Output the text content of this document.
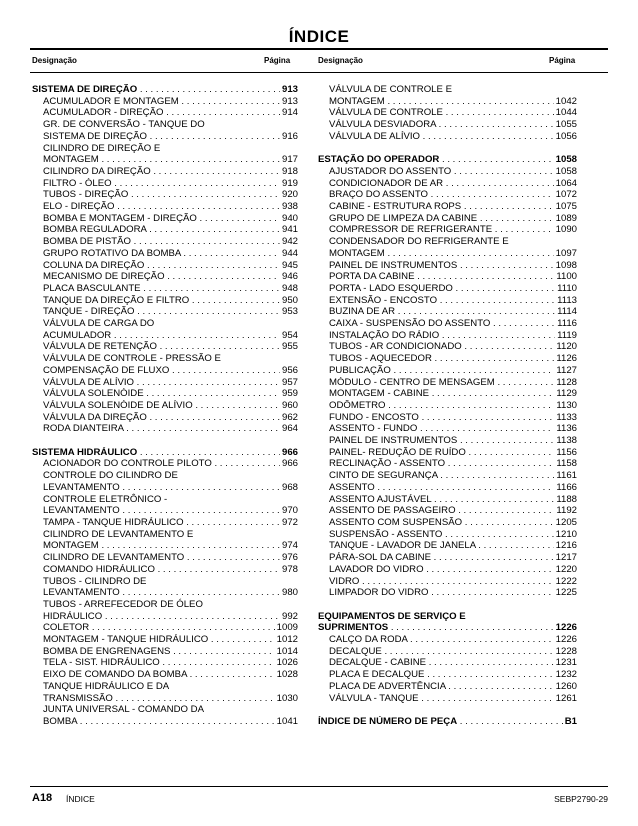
ÍNDICE
Designação	Página	Designação	Página
SISTEMA DE DIREÇÃO . . .	913
ACUMULADOR E MONTAGEM . . .	913
ACUMULADOR - DIREÇÃO . . .	914
GR. DE CONVERSÃO - TANQUE DO
SISTEMA DE DIREÇÃO . . .	916
CILINDRO DE DIREÇÃO E
MONTAGEM . . .	917
CILINDRO DA DIREÇÃO . . .	918
FILTRO - ÓLEO . . .	919
TUBOS - DIREÇÃO . . .	920
ELO - DIREÇÃO . . .	938
BOMBA E MONTAGEM - DIREÇÃO . . .	940
BOMBA REGULADORA . . .	941
BOMBA DE PISTÃO . . .	942
GRUPO ROTATIVO DA BOMBA . . .	944
COLUNA DA DIREÇÃO . . .	945
MECANISMO DE DIREÇÃO . . .	946
PLACA BASCULANTE . . .	948
TANQUE DA DIREÇÃO E FILTRO . . .	950
TANQUE - DIREÇÃO . . .	953
VÁLVULA DE CARGA DO
ACUMULADOR . . .	954
VÁLVULA DE RETENÇÃO . . .	955
VÁLVULA DE CONTROLE - PRESSÃO E
COMPENSAÇÃO DE FLUXO . . .	956
VÁLVULA DE ALÍVIO . . .	957
VÁLVULA SOLENÓIDE . . .	959
VÁLVULA SOLENÓIDE DE ALÍVIO . . .	960
VÁLVULA DA DIREÇÃO . . .	962
RODA DIANTEIRA . . .	964
SISTEMA HIDRÁULICO . . .	966
ACIONADOR DO CONTROLE PILOTO . . .	966
CONTROLE DO CILINDRO DE
LEVANTAMENTO . . .	968
CONTROLE ELETRÔNICO -
LEVANTAMENTO . . .	970
TAMPA - TANQUE HIDRÁULICO . . .	972
CILINDRO DE LEVANTAMENTO E
MONTAGEM . . .	974
CILINDRO DE LEVANTAMENTO . . .	976
COMANDO HIDRÁULICO . . .	978
TUBOS - CILINDRO DE
LEVANTAMENTO . . .	980
TUBOS - ARREFECEDOR DE ÓLEO
HIDRÁULICO . . .	992
COLETOR . . .	1009
MONTAGEM - TANQUE HIDRÁULICO . . .	1012
BOMBA DE ENGRENAGENS . . .	1014
TELA - SIST. HIDRÁULICO . . .	1026
EIXO DE COMANDO DA BOMBA . . .	1028
TANQUE HIDRÁULICO E DA
TRANSMISSÃO . . .	1030
JUNTA UNIVERSAL - COMANDO DA
BOMBA . . .	1041
VÁLVULA DE CONTROLE E
MONTAGEM . . .	1042
VÁLVULA DE CONTROLE . . .	1044
VÁLVULA DESVIADORA . . .	1055
VÁLVULA DE ALÍVIO . . .	1056
ESTAÇÃO DO OPERADOR . . .	1058
AJUSTADOR DO ASSENTO . . .	1058
CONDICIONADOR DE AR . . .	1064
BRAÇO DO ASSENTO . . .	1072
CABINE - ESTRUTURA ROPS . . .	1075
GRUPO DE LIMPEZA DA CABINE . . .	1089
COMPRESSOR DE REFRIGERANTE . . .	1090
CONDENSADOR DO REFRIGERANTE E
MONTAGEM . . .	1097
PAINEL DE INSTRUMENTOS . . .	1098
PORTA DA CABINE . . .	1100
PORTA - LADO ESQUERDO . . .	1110
EXTENSÃO - ENCOSTO . . .	1113
BUZINA DE AR . . .	1114
CAIXA - SUSPENSÃO DO ASSENTO . . .	1116
INSTALAÇÃO DO RÁDIO . . .	1119
TUBOS - AR CONDICIONADO . . .	1120
TUBOS - AQUECEDOR . . .	1126
PUBLICAÇÃO . . .	1127
MÓDULO - CENTRO DE MENSAGEM . . .	1128
MONTAGEM - CABINE . . .	1129
ODÔMETRO . . .	1130
FUNDO - ENCOSTO . . .	1133
ASSENTO - FUNDO . . .	1136
PAINEL DE INSTRUMENTOS . . .	1138
PAINEL- REDUÇÃO DE RUÍDO . . .	1156
RECLINAÇÃO - ASSENTO . . .	1158
CINTO DE SEGURANÇA . . .	1161
ASSENTO . . .	1166
ASSENTO AJUSTÁVEL . . .	1188
ASSENTO DE PASSAGEIRO . . .	1192
ASSENTO COM SUSPENSÃO . . .	1205
SUSPENSÃO - ASSENTO . . .	1210
TANQUE - LAVADOR DE JANELA . . .	1216
PÁRA-SOL DA CABINE . . .	1217
LAVADOR DO VIDRO . . .	1220
VIDRO . . .	1222
LIMPADOR DO VIDRO . . .	1225
EQUIPAMENTOS DE SERVIÇO E
SUPRIMENTOS . . .	1226
CALÇO DA RODA . . .	1226
DECALQUE . . .	1228
DECALQUE - CABINE . . .	1231
PLACA E DECALQUE . . .	1232
PLACA DE ADVERTÊNCIA . . .	1260
VÁLVULA - TANQUE . . .	1261
ÍNDICE DE NÚMERO DE PEÇA . . .	B1
A18 ÍNDICE	SEBP2790-29
